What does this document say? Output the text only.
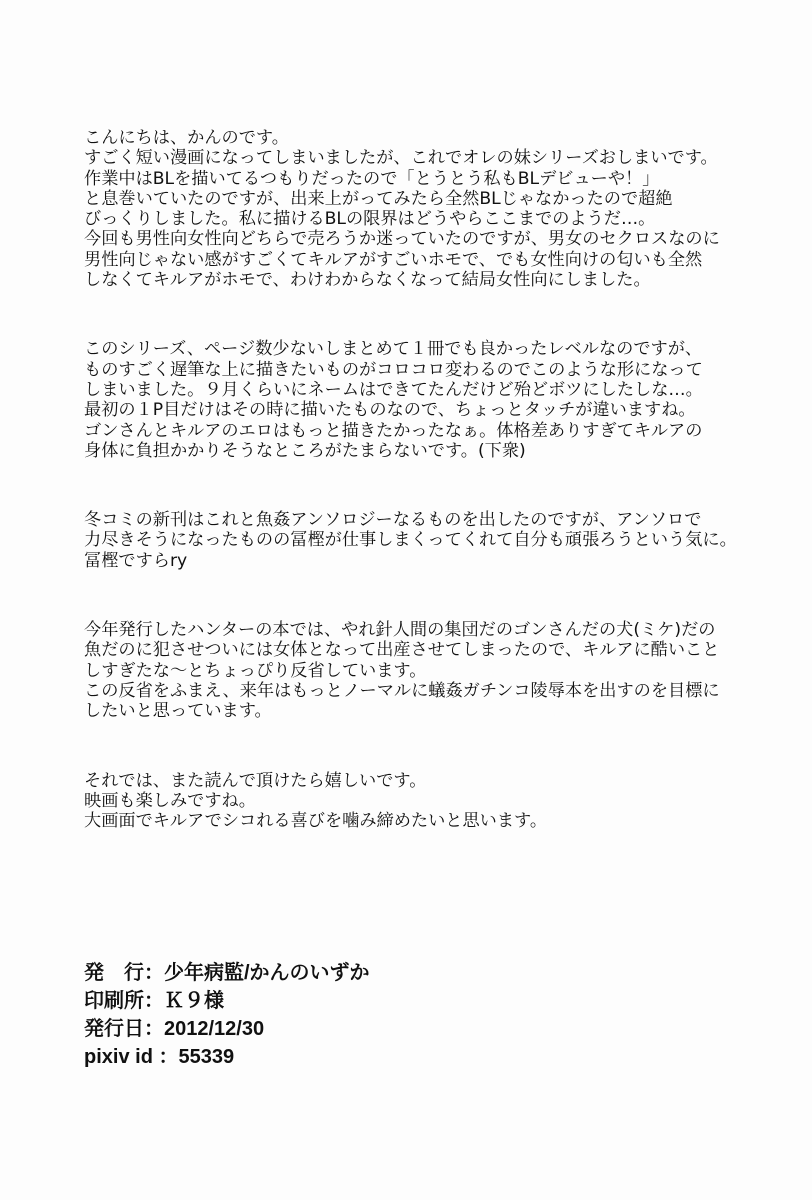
こんにちは、かんのです。
すごく短い漫画になってしまいましたが、これでオレの妹シリーズおしまいです。
作業中はBLを描いてるつもりだったので「とうとう私もBLデビューや！」
と息巻いていたのですが、出来上がってみたら全然BLじゃなかったので超絶
びっくりしました。私に描けるBLの限界はどうやらここまでのようだ…。
今回も男性向女性向どちらで売ろうか迷っていたのですが、男女のセクロスなのに
男性向じゃない感がすごくてキルアがすごいホモで、でも女性向けの匂いも全然
しなくてキルアがホモで、わけわからなくなって結局女性向にしました。

このシリーズ、ページ数少ないしまとめて１冊でも良かったレベルなのですが、
ものすごく遅筆な上に描きたいものがコロコロ変わるのでこのような形になって
しまいました。９月くらいにネームはできてたんだけど殆どボツにしたしな…。
最初の１P目だけはその時に描いたものなので、ちょっとタッチが違いますね。
ゴンさんとキルアのエロはもっと描きたかったなぁ。体格差ありすぎてキルアの
身体に負担かかりそうなところがたまらないです。(下衆)

冬コミの新刊はこれと魚姦アンソロジーなるものを出したのですが、アンソロで
力尽きそうになったものの冨樫が仕事しまくってくれて自分も頑張ろうという気に。
冨樫ですらry

今年発行したハンターの本では、やれ針人間の集団だのゴンさんだの犬(ミケ)だの
魚だのに犯させついには女体となって出産させてしまったので、キルアに酷いこと
しすぎたな～とちょっぴり反省しています。
この反省をふまえ、来年はもっとノーマルに蟻姦ガチンコ陵辱本を出すのを目標に
したいと思っています。

それでは、また読んで頂けたら嬉しいです。
映画も楽しみですね。
大画面でキルアでシコれる喜びを噛み締めたいと思います。

発　行： 少年病監/かんのいずか
印刷所： Ｋ９様
発行日： 2012/12/30
pixiv id ： 55339
